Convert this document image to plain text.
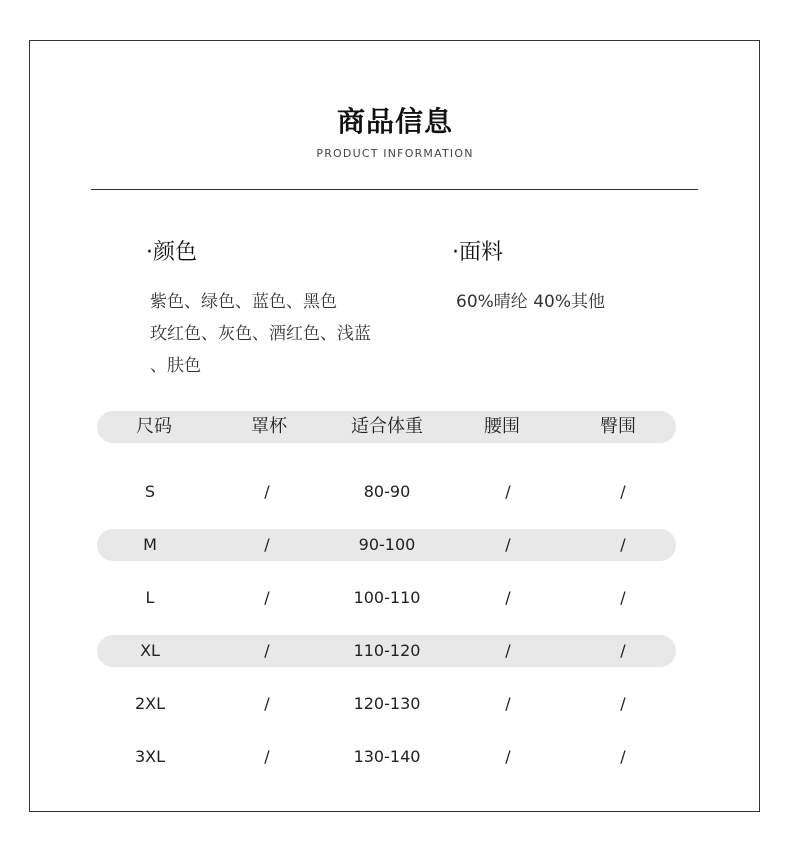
商品信息
PRODUCT INFORMATION
·颜色
紫色、绿色、蓝色、黑色
玫红色、灰色、酒红色、浅蓝
、肤色
·面料
60%晴纶 40%其他
尺码	罩杯	适合体重	腰围	臀围
S	/	80-90	/	/
M	/	90-100	/	/
L	/	100-110	/	/
XL	/	110-120	/	/
2XL	/	120-130	/	/
3XL	/	130-140	/	/
